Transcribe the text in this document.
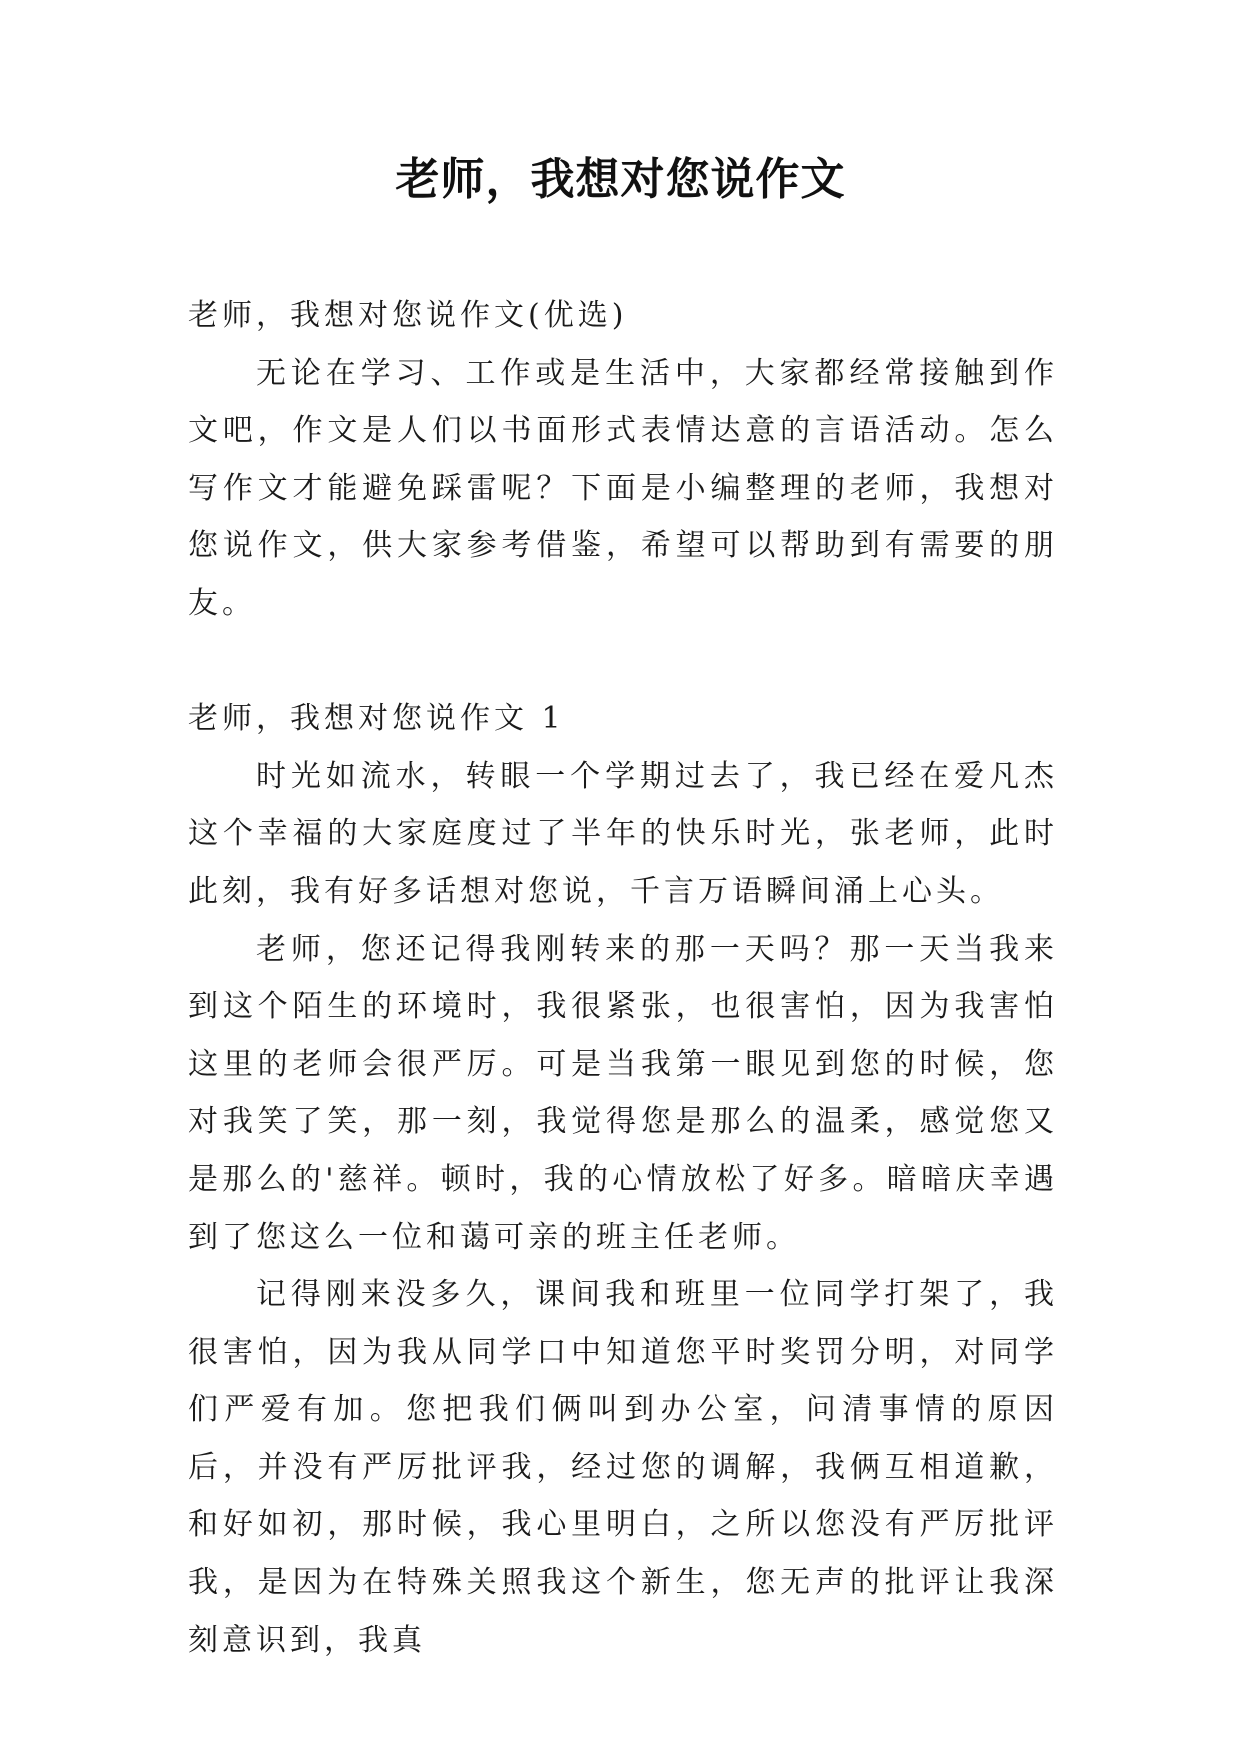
老师，我想对您说作文

老师，我想对您说作文(优选)

无论在学习、工作或是生活中，大家都经常接触到作文吧，作文是人们以书面形式表情达意的言语活动。怎么写作文才能避免踩雷呢？下面是小编整理的老师，我想对您说作文，供大家参考借鉴，希望可以帮助到有需要的朋友。

老师，我想对您说作文 1

时光如流水，转眼一个学期过去了，我已经在爱凡杰这个幸福的大家庭度过了半年的快乐时光，张老师，此时此刻，我有好多话想对您说，千言万语瞬间涌上心头。

老师，您还记得我刚转来的那一天吗？那一天当我来到这个陌生的环境时，我很紧张，也很害怕，因为我害怕这里的老师会很严厉。可是当我第一眼见到您的时候，您对我笑了笑，那一刻，我觉得您是那么的温柔，感觉您又是那么的'慈祥。顿时，我的心情放松了好多。暗暗庆幸遇到了您这么一位和蔼可亲的班主任老师。

记得刚来没多久，课间我和班里一位同学打架了，我很害怕，因为我从同学口中知道您平时奖罚分明，对同学们严爱有加。您把我们俩叫到办公室，问清事情的原因后，并没有严厉批评我，经过您的调解，我俩互相道歉，和好如初，那时候，我心里明白，之所以您没有严厉批评我，是因为在特殊关照我这个新生，您无声的批评让我深刻意识到，我真
